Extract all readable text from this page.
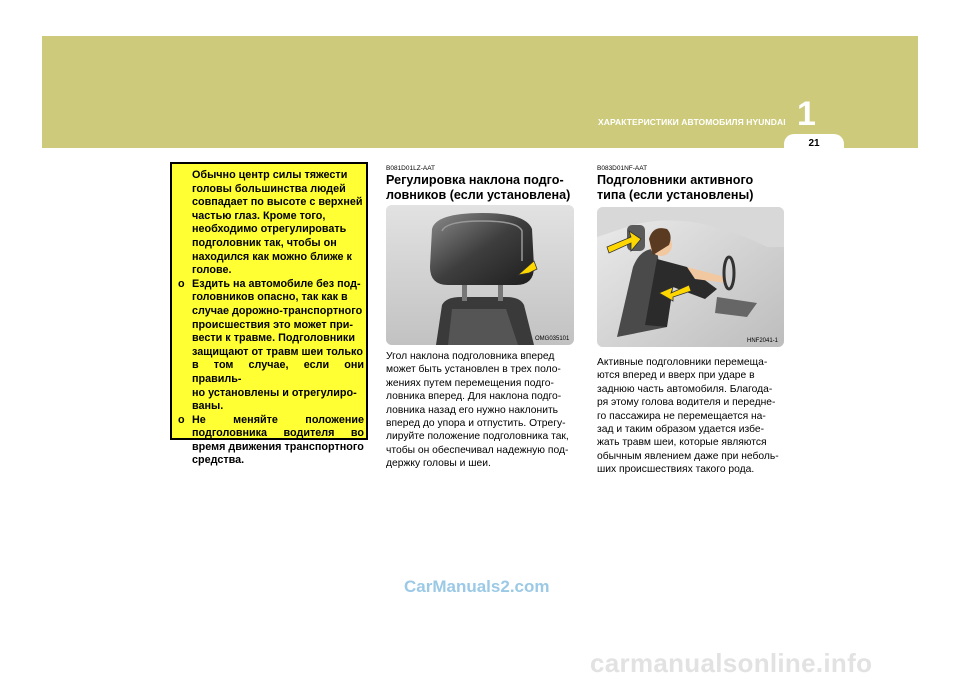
ХАРАКТЕРИСТИКИ АВТОМОБИЛЯ HYUNDAI 1
21
Обычно центр силы тяжести
головы большинства людей
совпадает по высоте с верхней
частью глаз. Кроме того,
необходимо отрегулировать
подголовник так, чтобы он
находился как можно ближе к
голове.
o Ездить на автомобиле без под-
головников опасно, так как в
случае дорожно-транспортного
происшествия это может при-
вести к травме. Подголовники
защищают от травм шеи только
в том случае, если они правиль-
но установлены и отрегулиро-
ваны.
o Не меняйте положение
подголовника водителя во
время движения транспортного
средства.
B081D01LZ-AAT
Регулировка наклона подго-
ловников (если установлена)
OMG035101
Угол наклона подголовника вперед
может быть установлен в трех поло-
жениях путем перемещения подго-
ловника вперед. Для наклона подго-
ловника назад его нужно наклонить
вперед до упора и отпустить. Отрегу-
лируйте положение подголовника так,
чтобы он обеспечивал надежную под-
держку головы и шеи.
B083D01NF-AAT
Подголовники активного
типа (если установлены)
HNF2041-1
Активные подголовники перемеща-
ются вперед и вверх при ударе в
заднюю часть автомобиля. Благода-
ря этому голова водителя и передне-
го пассажира не перемещается на-
зад и таким образом удается избе-
жать травм шеи, которые являются
обычным явлением даже при неболь-
ших происшествиях такого рода.
CarManuals2.com
carmanualsonline.info
